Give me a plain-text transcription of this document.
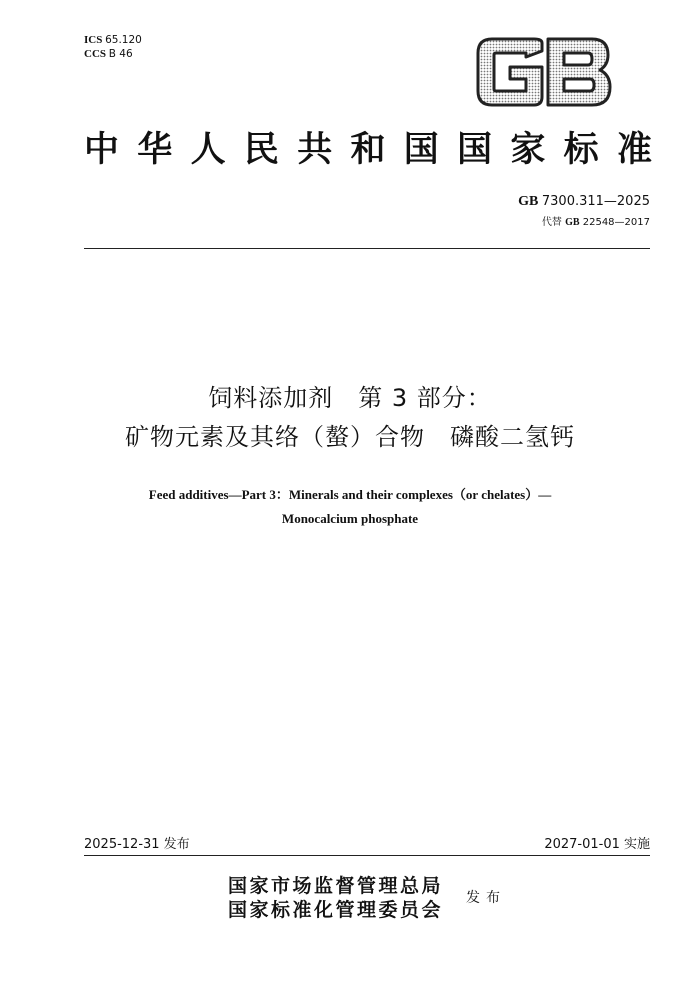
ICS 65.120
CCS B 46
中华人民共和国国家标准
GB 7300.311—2025
代替 GB 22548—2017
饲料添加剂　第 3 部分：
矿物元素及其络（螯）合物　磷酸二氢钙
Feed additives—Part 3：Minerals and their complexes（or chelates）—
Monocalcium phosphate
2025-12-31 发布	2027-01-01 实施
国家市场监督管理总局
国家标准化管理委员会
发布
